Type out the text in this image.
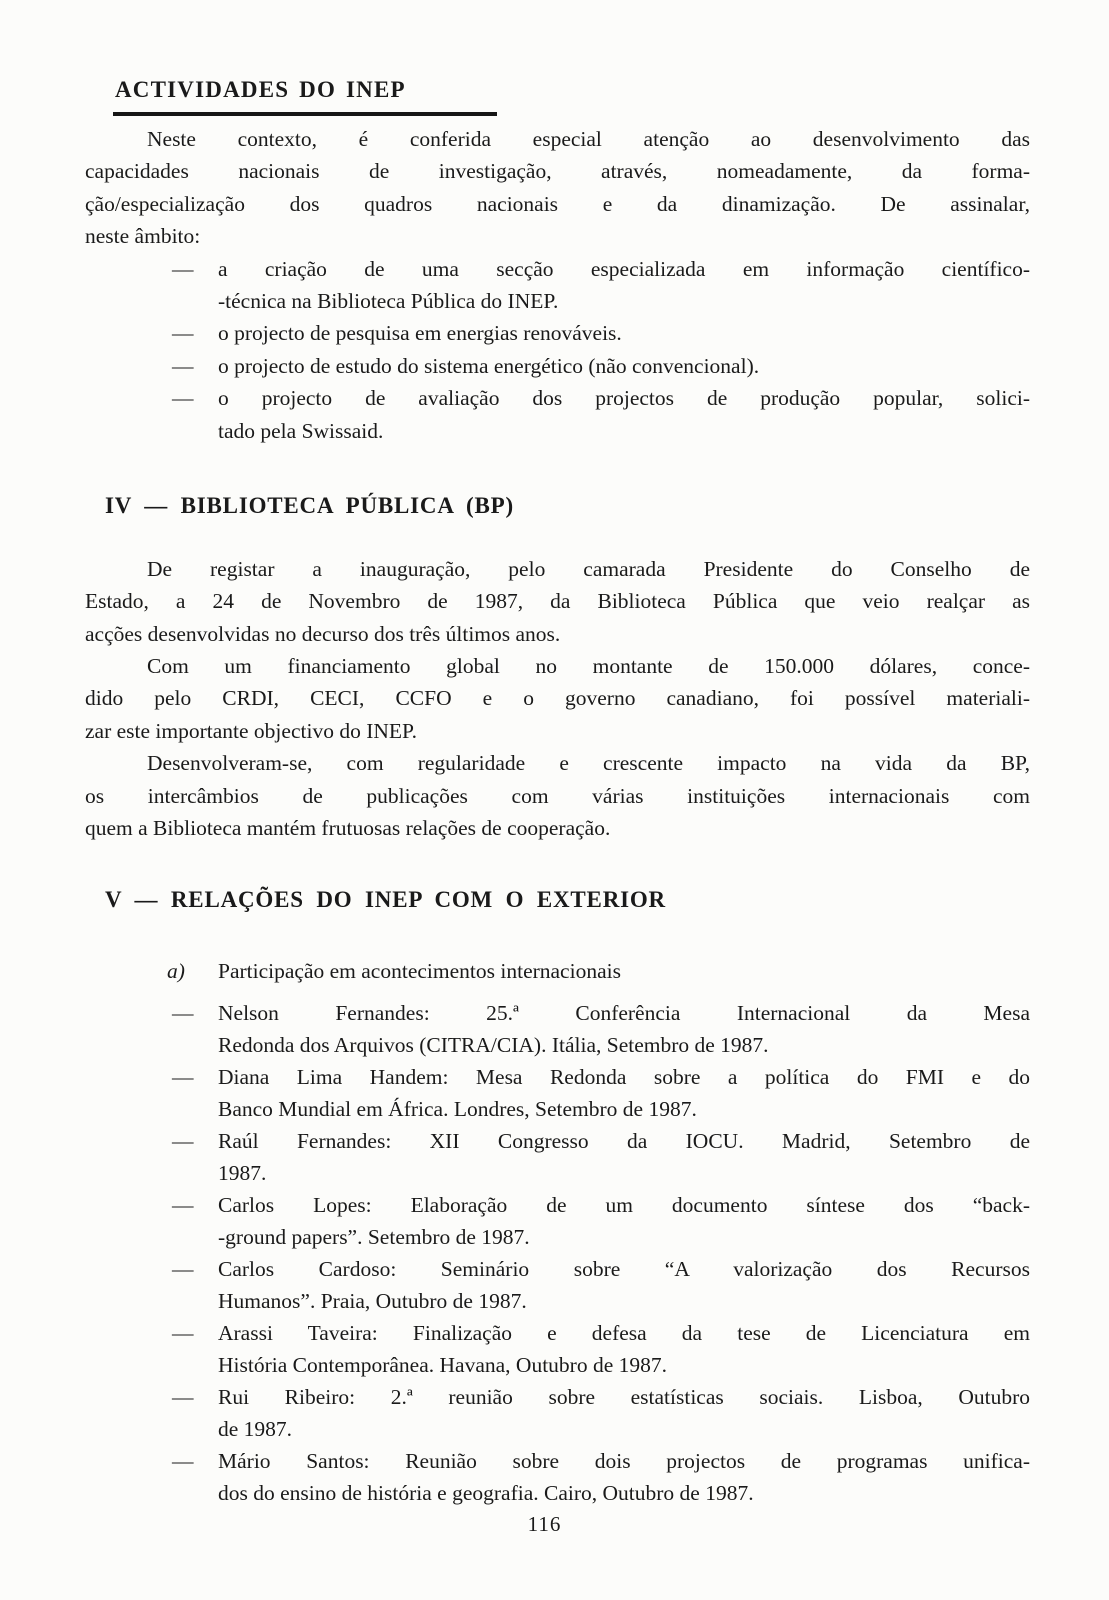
ACTIVIDADES DO INEP
Neste contexto, é conferida especial atenção ao desenvolvimento das
capacidades nacionais de investigação, através, nomeadamente, da forma-
ção/especialização dos quadros nacionais e da dinamização. De assinalar,
neste âmbito:
— a criação de uma secção especializada em informação científico-
-técnica na Biblioteca Pública do INEP.
— o projecto de pesquisa em energias renováveis.
— o projecto de estudo do sistema energético (não convencional).
— o projecto de avaliação dos projectos de produção popular, solici-
tado pela Swissaid.
IV — BIBLIOTECA PÚBLICA (BP)
De registar a inauguração, pelo camarada Presidente do Conselho de
Estado, a 24 de Novembro de 1987, da Biblioteca Pública que veio realçar as
acções desenvolvidas no decurso dos três últimos anos.
Com um financiamento global no montante de 150.000 dólares, conce-
dido pelo CRDI, CECI, CCFO e o governo canadiano, foi possível materiali-
zar este importante objectivo do INEP.
Desenvolveram-se, com regularidade e crescente impacto na vida da BP,
os intercâmbios de publicações com várias instituições internacionais com
quem a Biblioteca mantém frutuosas relações de cooperação.
V — RELAÇÕES DO INEP COM O EXTERIOR
a) Participação em acontecimentos internacionais
— Nelson Fernandes: 25.ª Conferência Internacional da Mesa
Redonda dos Arquivos (CITRA/CIA). Itália, Setembro de 1987.
— Diana Lima Handem: Mesa Redonda sobre a política do FMI e do
Banco Mundial em África. Londres, Setembro de 1987.
— Raúl Fernandes: XII Congresso da IOCU. Madrid, Setembro de
1987.
— Carlos Lopes: Elaboração de um documento síntese dos “back-
-ground papers”. Setembro de 1987.
— Carlos Cardoso: Seminário sobre “A valorização dos Recursos
Humanos”. Praia, Outubro de 1987.
— Arassi Taveira: Finalização e defesa da tese de Licenciatura em
História Contemporânea. Havana, Outubro de 1987.
— Rui Ribeiro: 2.ª reunião sobre estatísticas sociais. Lisboa, Outubro
de 1987.
— Mário Santos: Reunião sobre dois projectos de programas unifica-
dos do ensino de história e geografia. Cairo, Outubro de 1987.
116
